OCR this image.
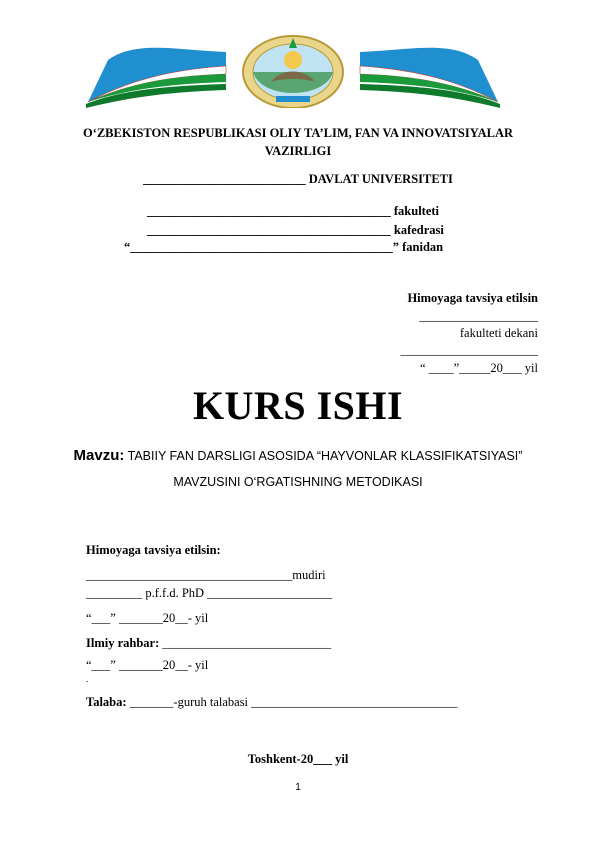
O‘ZBEKISTON RESPUBLIKASI OLIY TA’LIM, FAN VA INNOVATSIYALAR VAZIRLIGI
__________________________ DAVLAT UNIVERSITETI
_______________________________________ fakulteti
_______________________________________ kafedrasi
“__________________________________________” fanidan
Himoyaga tavsiya etilsin
___________________
fakulteti dekani
______________________
“ ____”_____20___ yil
KURS ISHI
Mavzu: TABIIY FAN DARSLIGI ASOSIDA “HAYVONLAR KLASSIFIKATSIYASI” MAVZUSINI O‘RGATISHNING METODIKASI
Himoyaga tavsiya etilsin:
_________________________________mudiri
_________ p.f.f.d. PhD ____________________
“___” _______20__- yil
Ilmiy rahbar: ___________________________
“___” _______20__- yil
.
Talaba: _______-guruh talabasi _________________________________
Toshkent-20___ yil
1
